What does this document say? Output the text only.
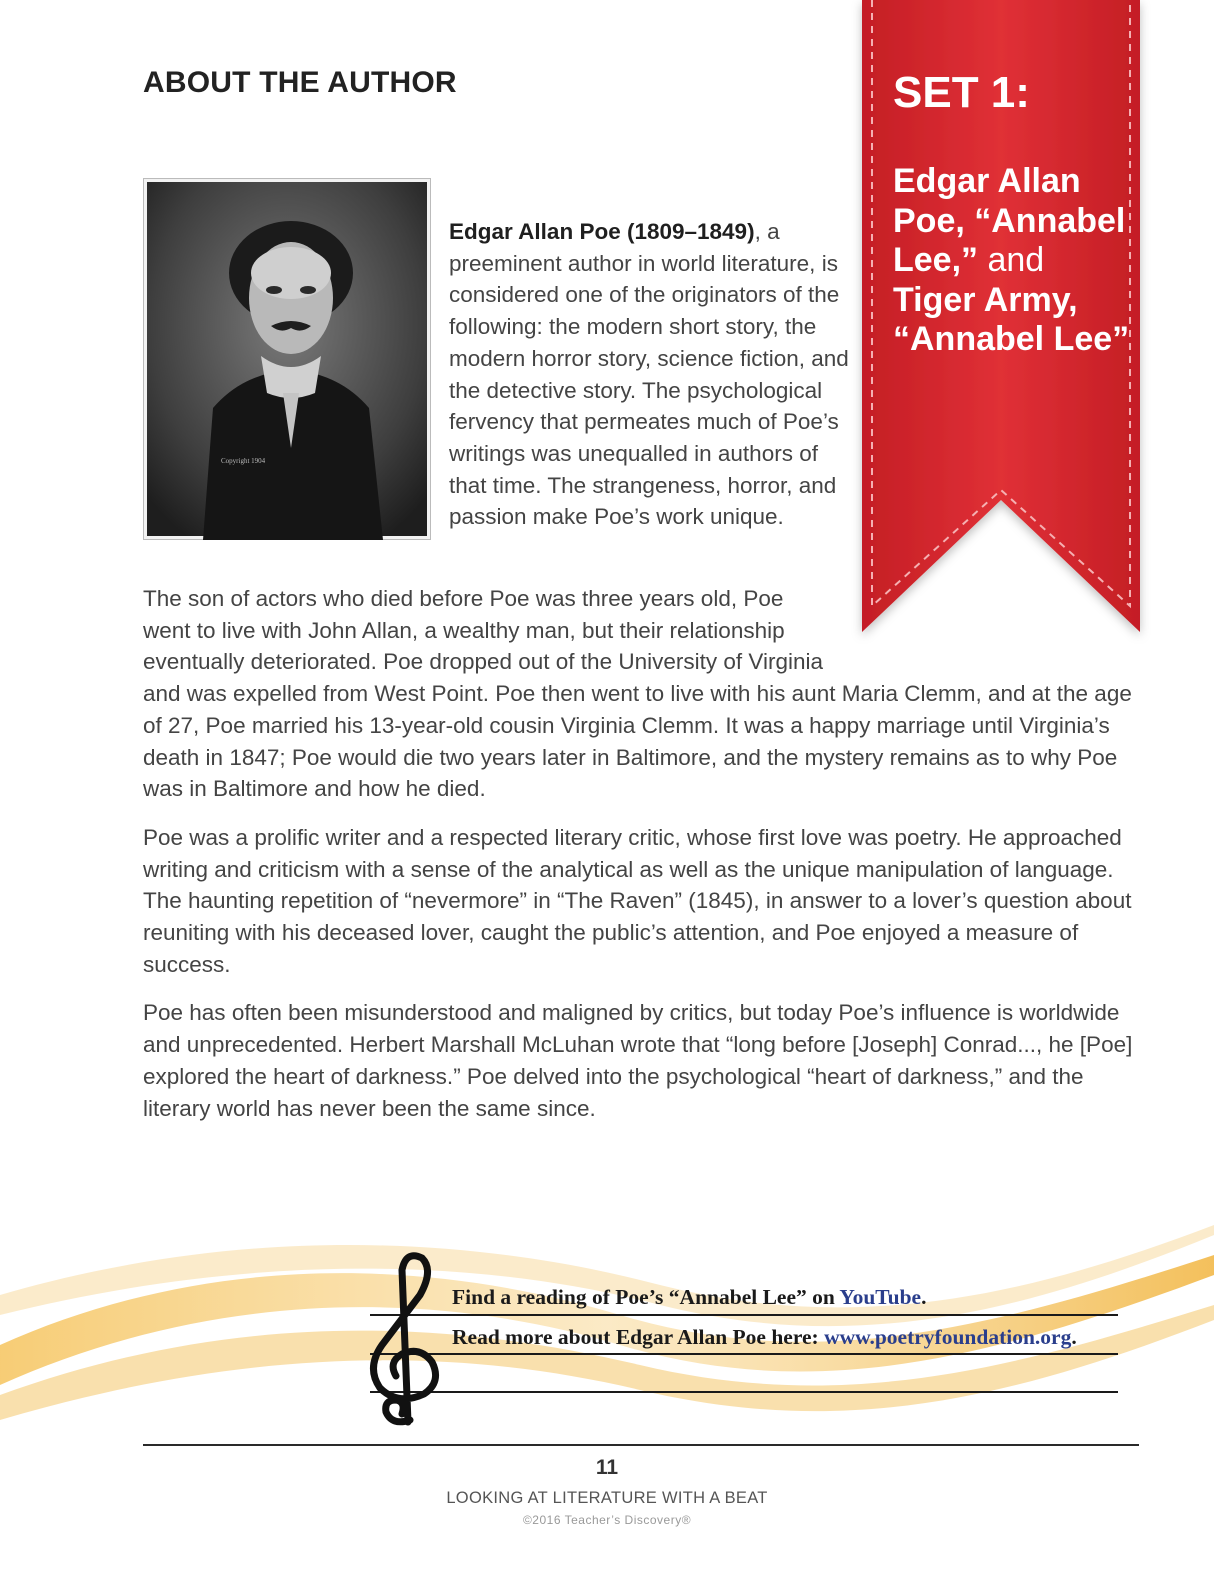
ABOUT THE AUTHOR
Copyright 1904
Edgar Allan Poe (1809–1849), a preeminent author in world literature, is considered one of the originators of the following: the modern short story, the modern horror story, science fiction, and the detective story. The psychological fervency that permeates much of Poe’s writings was unequalled in authors of that time. The strangeness, horror, and passion make Poe’s work unique.
SET 1:
Edgar Allan
Poe, “Annabel
Lee,” and
Tiger Army,
“Annabel Lee”

The son of actors who died before Poe was three years old, Poe
went to live with John Allan, a wealthy man, but their relationship
eventually deteriorated. Poe dropped out of the University of Virginia
and was expelled from West Point. Poe then went to live with his aunt Maria Clemm, and at the age of 27, Poe married his 13-year-old cousin Virginia Clemm. It was a happy marriage until Virginia’s death in 1847; Poe would die two years later in Baltimore, and the mystery remains as to why Poe was in Baltimore and how he died.

Poe was a prolific writer and a respected literary critic, whose first love was poetry. He approached writing and criticism with a sense of the analytical as well as the unique manipulation of language. The haunting repetition of “nevermore” in “The Raven” (1845), in answer to a lover’s question about reuniting with his deceased lover, caught the public’s attention, and Poe enjoyed a measure of success.

Poe has often been misunderstood and maligned by critics, but today Poe’s influence is worldwide and unprecedented. Herbert Marshall McLuhan wrote that “long before [Joseph] Conrad..., he [Poe] explored the heart of darkness.” Poe delved into the psychological “heart of darkness,” and the literary world has never been the same since.

Find a reading of Poe’s “Annabel Lee” on YouTube.
Read more about Edgar Allan Poe here: www.poetryfoundation.org.
11
LOOKING AT LITERATURE WITH A BEAT
©2016 Teacher’s Discovery®
